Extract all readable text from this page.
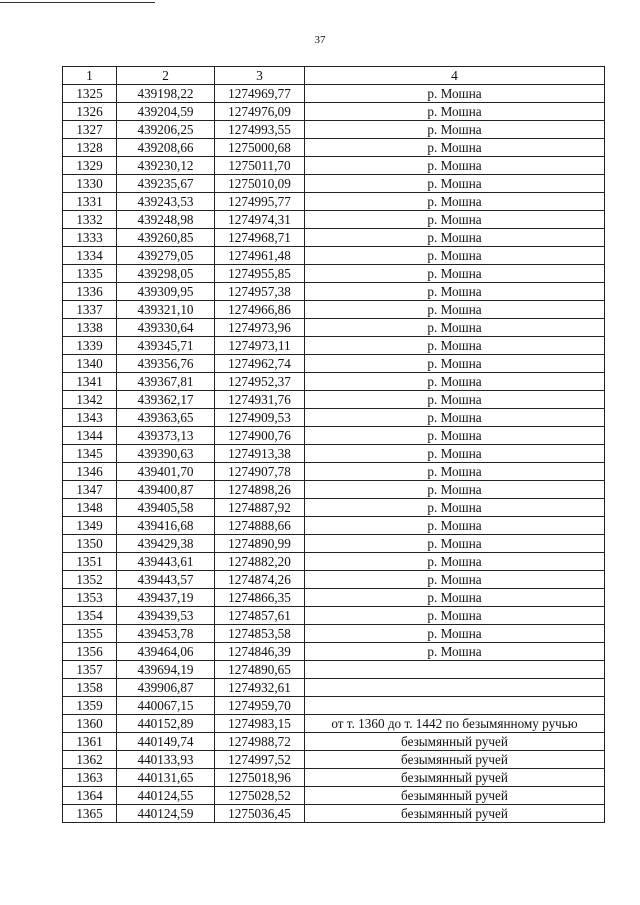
37
1	2	3	4
1325	439198,22	1274969,77	р. Мошна
1326	439204,59	1274976,09	р. Мошна
1327	439206,25	1274993,55	р. Мошна
1328	439208,66	1275000,68	р. Мошна
1329	439230,12	1275011,70	р. Мошна
1330	439235,67	1275010,09	р. Мошна
1331	439243,53	1274995,77	р. Мошна
1332	439248,98	1274974,31	р. Мошна
1333	439260,85	1274968,71	р. Мошна
1334	439279,05	1274961,48	р. Мошна
1335	439298,05	1274955,85	р. Мошна
1336	439309,95	1274957,38	р. Мошна
1337	439321,10	1274966,86	р. Мошна
1338	439330,64	1274973,96	р. Мошна
1339	439345,71	1274973,11	р. Мошна
1340	439356,76	1274962,74	р. Мошна
1341	439367,81	1274952,37	р. Мошна
1342	439362,17	1274931,76	р. Мошна
1343	439363,65	1274909,53	р. Мошна
1344	439373,13	1274900,76	р. Мошна
1345	439390,63	1274913,38	р. Мошна
1346	439401,70	1274907,78	р. Мошна
1347	439400,87	1274898,26	р. Мошна
1348	439405,58	1274887,92	р. Мошна
1349	439416,68	1274888,66	р. Мошна
1350	439429,38	1274890,99	р. Мошна
1351	439443,61	1274882,20	р. Мошна
1352	439443,57	1274874,26	р. Мошна
1353	439437,19	1274866,35	р. Мошна
1354	439439,53	1274857,61	р. Мошна
1355	439453,78	1274853,58	р. Мошна
1356	439464,06	1274846,39	р. Мошна
1357	439694,19	1274890,65	
1358	439906,87	1274932,61	
1359	440067,15	1274959,70	
1360	440152,89	1274983,15	от т. 1360 до т. 1442 по безымянному ручью
1361	440149,74	1274988,72	безымянный ручей
1362	440133,93	1274997,52	безымянный ручей
1363	440131,65	1275018,96	безымянный ручей
1364	440124,55	1275028,52	безымянный ручей
1365	440124,59	1275036,45	безымянный ручей
